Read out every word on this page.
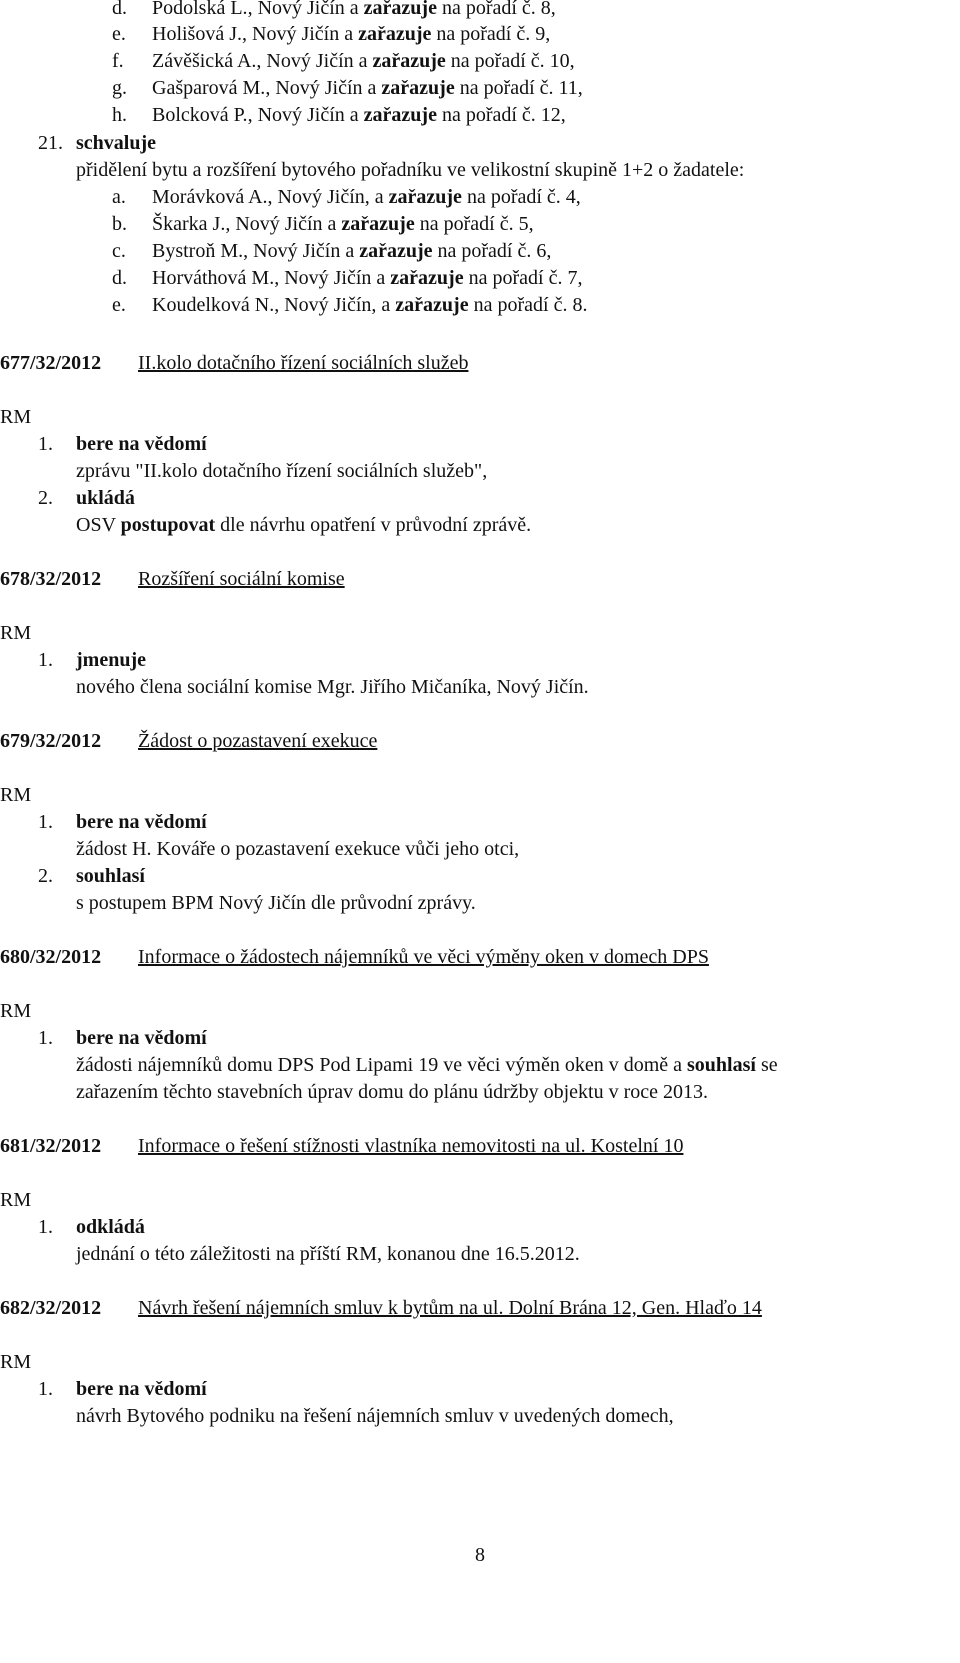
d. Podolská L., Nový Jičín a zařazuje na pořadí č. 8,
e. Holišová J., Nový Jičín a zařazuje na pořadí č. 9,
f. Závěšická A., Nový Jičín a zařazuje na pořadí č. 10,
g. Gašparová M., Nový Jičín a zařazuje na pořadí č. 11,
h. Bolcková P., Nový Jičín a zařazuje na pořadí č. 12,
21. schvaluje
přidělení bytu a rozšíření bytového pořadníku ve velikostní skupině 1+2 o žadatele:
a. Morávková A., Nový Jičín, a zařazuje na pořadí č. 4,
b. Škarka J., Nový Jičín a zařazuje na pořadí č. 5,
c. Bystroň M., Nový Jičín a zařazuje na pořadí č. 6,
d. Horváthová M., Nový Jičín a zařazuje na pořadí č. 7,
e. Koudelková N., Nový Jičín, a zařazuje na pořadí č. 8.
677/32/2012 II.kolo dotačního řízení sociálních služeb
RM
1. bere na vědomí
zprávu "II.kolo dotačního řízení sociálních služeb",
2. ukládá
OSV postupovat dle návrhu opatření v průvodní zprávě.
678/32/2012 Rozšíření sociální komise
RM
1. jmenuje
nového člena sociální komise Mgr. Jiřího Mičaníka, Nový Jičín.
679/32/2012 Žádost o pozastavení exekuce
RM
1. bere na vědomí
žádost H. Kováře o pozastavení exekuce vůči jeho otci,
2. souhlasí
s postupem BPM Nový Jičín dle průvodní zprávy.
680/32/2012 Informace o žádostech nájemníků ve věci výměny oken v domech DPS
RM
1. bere na vědomí
žádosti nájemníků domu DPS Pod Lipami 19 ve věci výměn oken v domě a souhlasí se
zařazením těchto stavebních úprav domu do plánu údržby objektu v roce 2013.
681/32/2012 Informace o řešení stížnosti vlastníka nemovitosti na ul. Kostelní 10
RM
1. odkládá
jednání o této záležitosti na příští RM, konanou dne 16.5.2012.
682/32/2012 Návrh řešení nájemních smluv k bytům na ul. Dolní Brána 12, Gen. Hlaďo 14
RM
1. bere na vědomí
návrh Bytového podniku na řešení nájemních smluv v uvedených domech,
8
